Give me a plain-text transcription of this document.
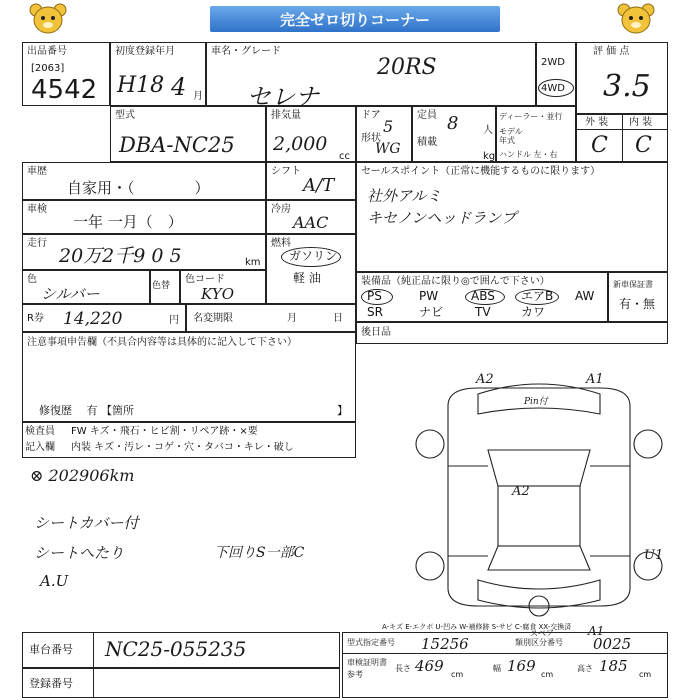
完全ゼロ切りコーナー
出品番号
[2063]
4542
初度登録年月
H18 4 月
車名・グレード
20RS
セレナ
2WD
4WD
評 価 点
3.5
型式
DBA-NC25
排気量
2,000
cc
ドア
5
形状
WG
定員 8 人
積載
kg
ディーラー・並行
モデル
年式
ハンドル 左・右
外 装 内 装
C C
車歴
自家用・（　　　　）
シフト
A/T
セールスポイント（正常に機能するものに限ります）
社外アルミ
キセノンヘッドランプ
車検
一年 一月（　）
冷房
AAC
走行
20万2千9 0 5	km
燃料
ガソリン
軽 油
色
シルバー	色替
色コード
KYO
装備品（純正品に限り◎で囲んで下さい）
PS	PW	ABS エアB AW
SR	ナビ	TV	カワ
新車保証書
有・無
R券 14,220	円 名変期限	月	日
後日品
注意事項申告欄（不具合内容等は具体的に記入して下さい）
修復歴　 有 【箇所	】
検査員
記入欄
FW キズ・飛石・ヒビ割・リペア跡・×要
内装 キズ・汚レ・コゲ・穴・タバコ・キレ・破し
⊗ 202906km
シートカバー付
シートへたり
A.U
下回りS一部C
A2	A1
Pin付
A2
U1
A1
スペア
A-キズ E-エクボ U-凹み W-補修跡 S-サビ C-腐食 XX-交換済
車台番号 NC25-055235
登録番号
型式指定番号 15256	類別区分番号 0025
車検証明書
参考
長さ 469 cm
幅 169 cm
高さ 185 cm
